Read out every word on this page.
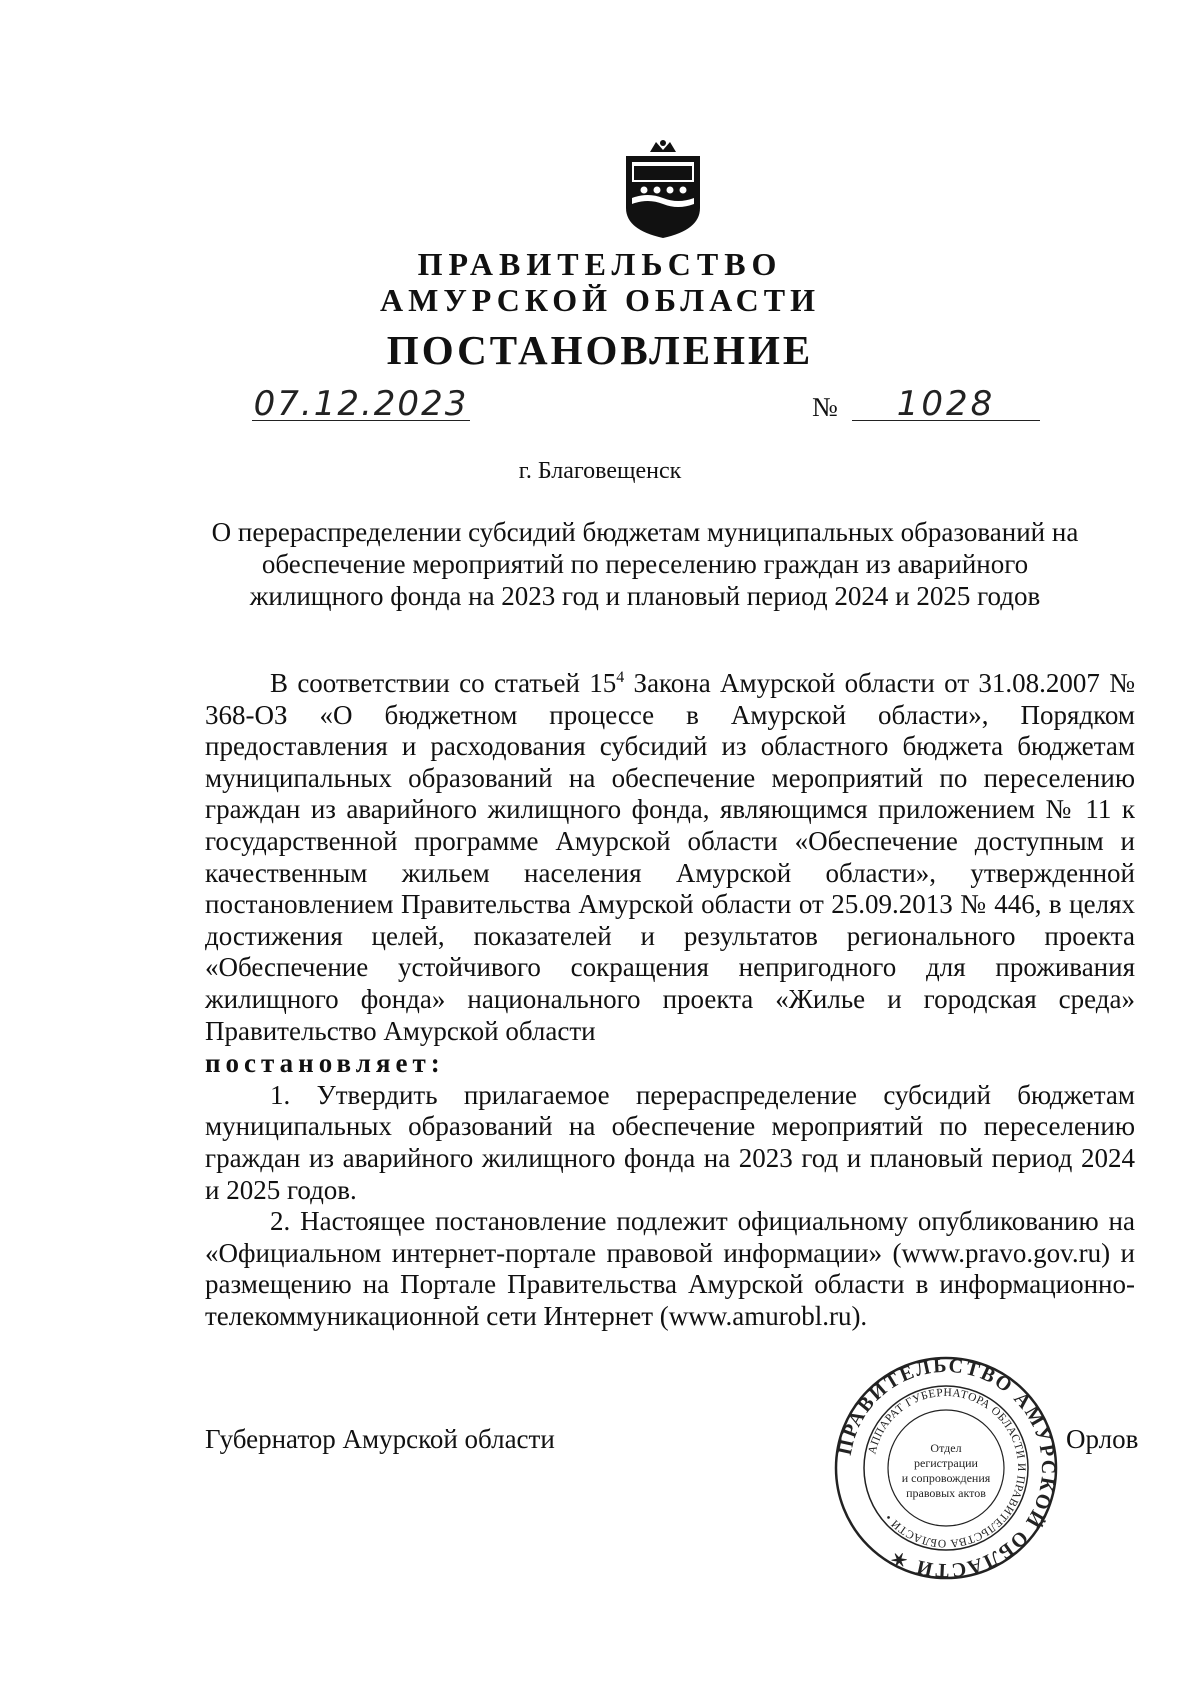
ПРАВИТЕЛЬСТВО
АМУРСКОЙ ОБЛАСТИ
ПОСТАНОВЛЕНИЕ
07.12.2023	№	1028
г. Благовещенск
О перераспределении субсидий бюджетам муниципальных образований на обеспечение мероприятий по переселению граждан из аварийного жилищного фонда на 2023 год и плановый период 2024 и 2025 годов

В соответствии со статьей $15^4$ Закона Амурской области от 31.08.2007 № 368-ОЗ «О бюджетном процессе в Амурской области», Порядком предоставления и расходования субсидий из областного бюджета бюджетам муниципальных образований на обеспечение мероприятий по переселению граждан из аварийного жилищного фонда, являющимся приложением № 11 к государственной программе Амурской области «Обеспечение доступным и качественным жильем населения Амурской области», утвержденной постановлением Правительства Амурской области от 25.09.2013 № 446, в целях достижения целей, показателей и результатов регионального проекта «Обеспечение устойчивого сокращения непригодного для проживания жилищного фонда» национального проекта «Жилье и городская среда» Правительство Амурской области

постановляет:

1. Утвердить прилагаемое перераспределение субсидий бюджетам муниципальных образований на обеспечение мероприятий по переселению граждан из аварийного жилищного фонда на 2023 год и плановый период 2024 и 2025 годов.

2. Настоящее постановление подлежит официальному опубликованию на «Официальном интернет-портале правовой информации» (www.pravo.gov.ru) и размещению на Портале Правительства Амурской области в информационно-телекоммуникационной сети Интернет (www.amurobl.ru).

Губернатор Амурской области	Орлов
ПРАВИТЕЛЬСТВО АМУРСКОЙ ОБЛАСТИ ✶
АППАРАТ ГУБЕРНАТОРА ОБЛАСТИ И ПРАВИТЕЛЬСТВА ОБЛАСТИ •
Отдел
регистрации
и сопровождения
правовых актов
